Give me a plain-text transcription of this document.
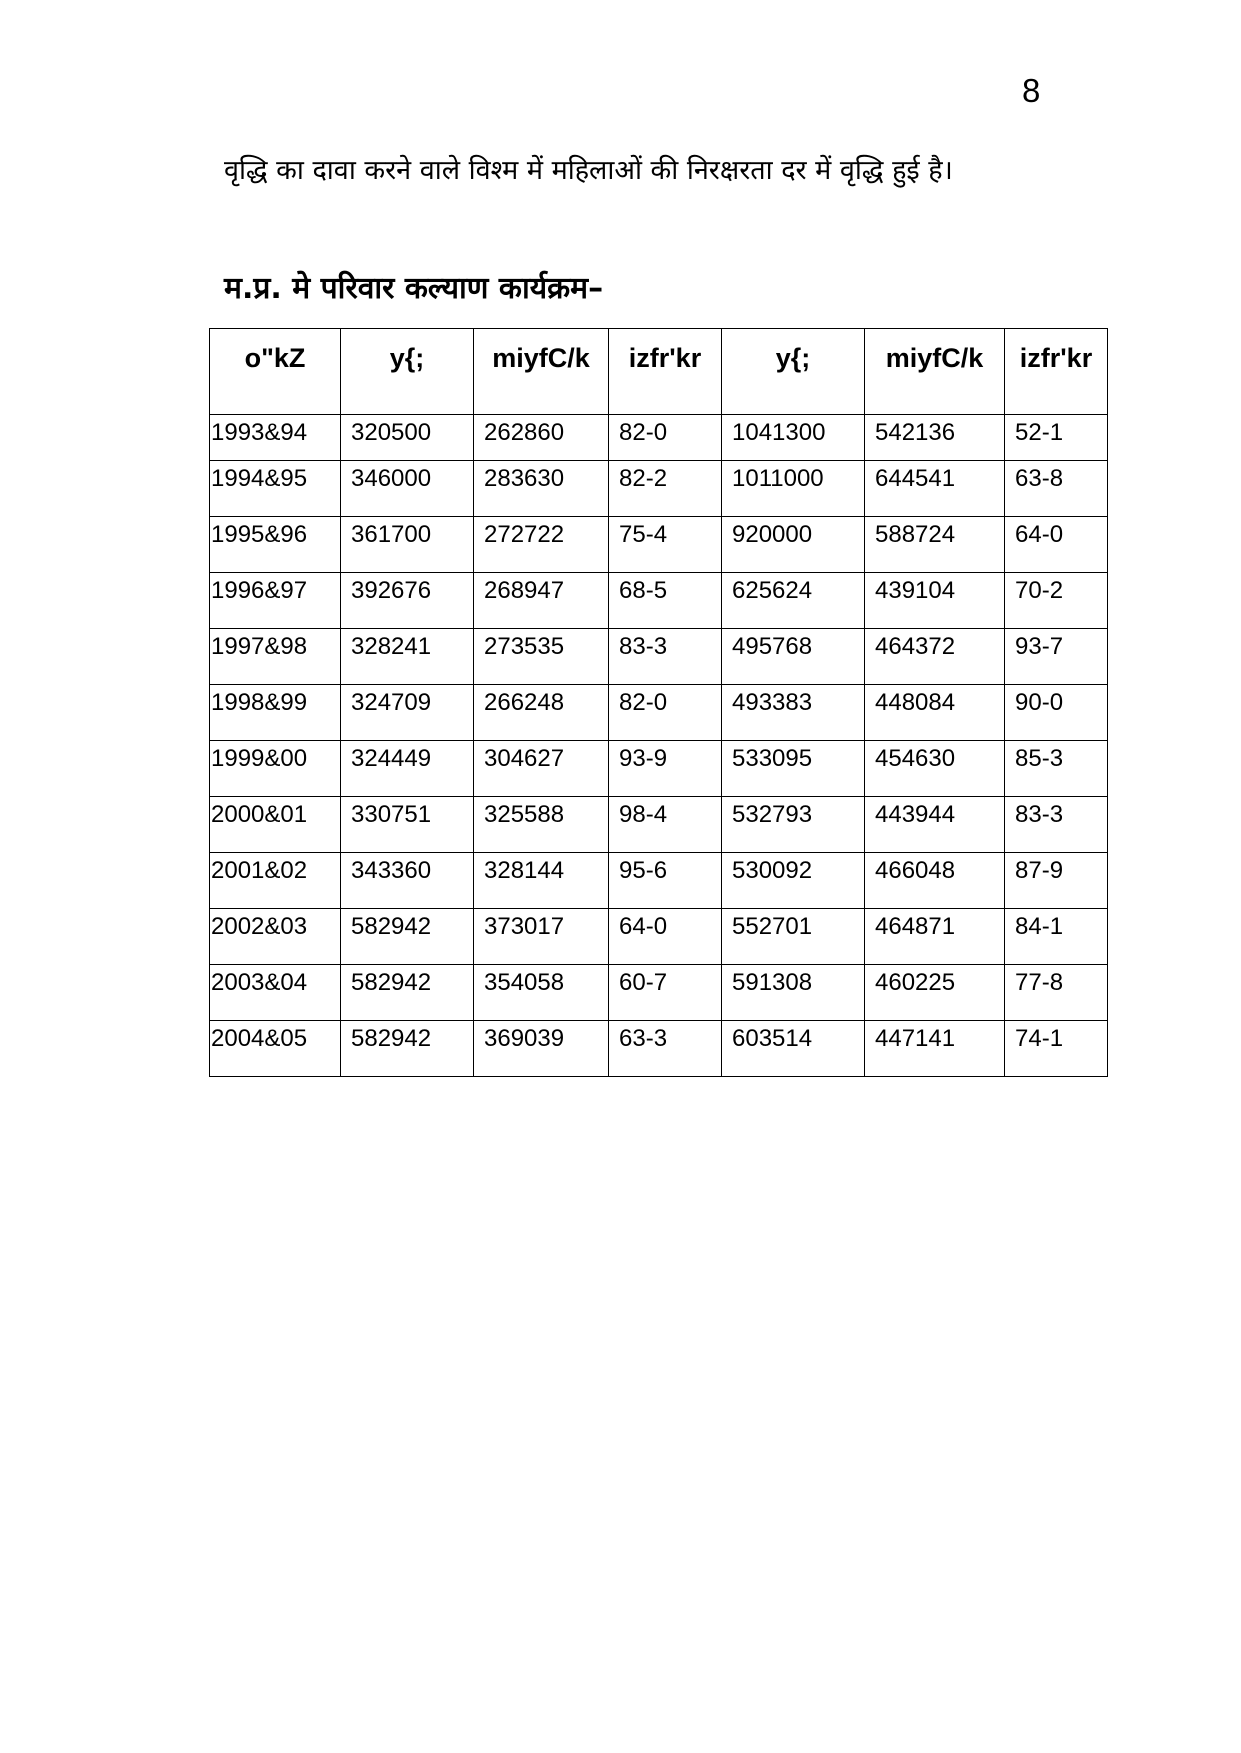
8
वृद्धि का दावा करने वाले विश्म में महिलाओं की निरक्षरता दर में वृद्धि हुई है।
म.प्र. मे परिवार कल्याण कार्यक्रम–
o"kZ	y{;	miyfC/k	izfr'kr	y{;	miyfC/k	izfr'kr
1993&94	320500	262860	82-0	1041300	542136	52-1
1994&95	346000	283630	82-2	1011000	644541	63-8
1995&96	361700	272722	75-4	920000	588724	64-0
1996&97	392676	268947	68-5	625624	439104	70-2
1997&98	328241	273535	83-3	495768	464372	93-7
1998&99	324709	266248	82-0	493383	448084	90-0
1999&00	324449	304627	93-9	533095	454630	85-3
2000&01	330751	325588	98-4	532793	443944	83-3
2001&02	343360	328144	95-6	530092	466048	87-9
2002&03	582942	373017	64-0	552701	464871	84-1
2003&04	582942	354058	60-7	591308	460225	77-8
2004&05	582942	369039	63-3	603514	447141	74-1
